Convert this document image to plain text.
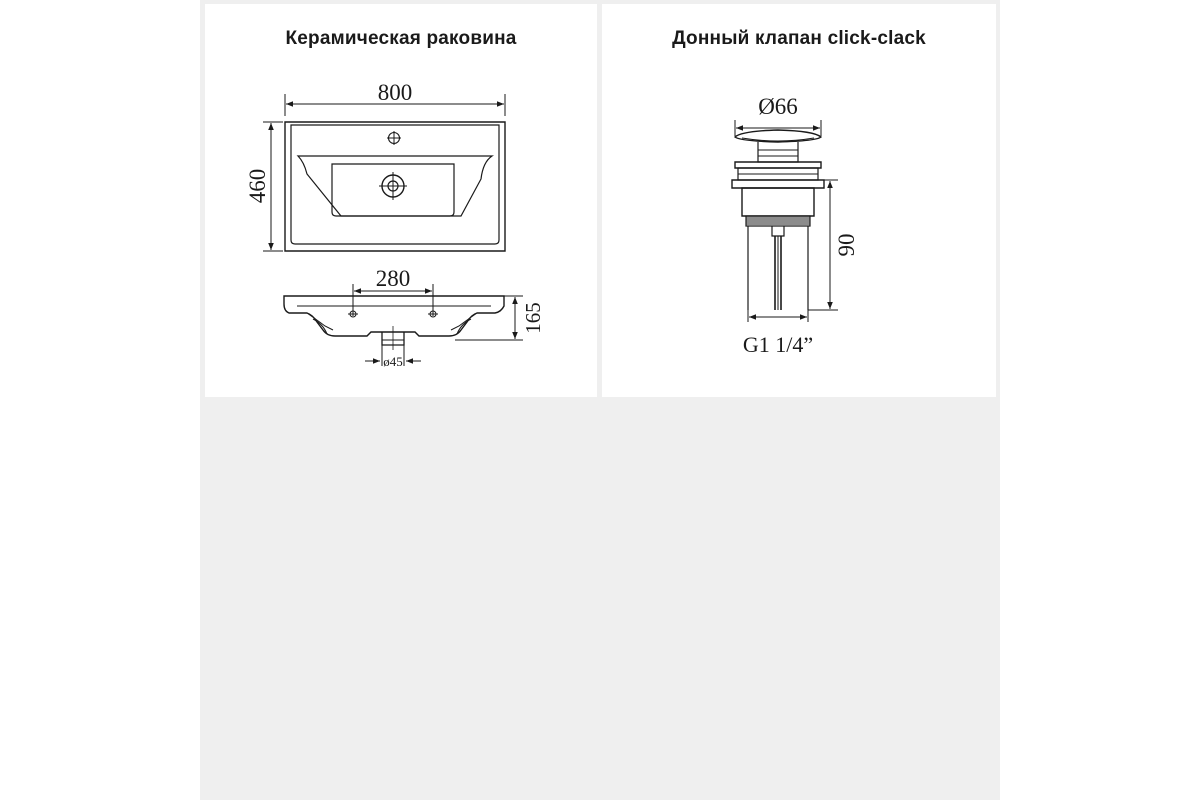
Керамическая раковина
800
460
280
165
ø45
Донный клапан click-clack
Ø66
90
G1 1/4”
